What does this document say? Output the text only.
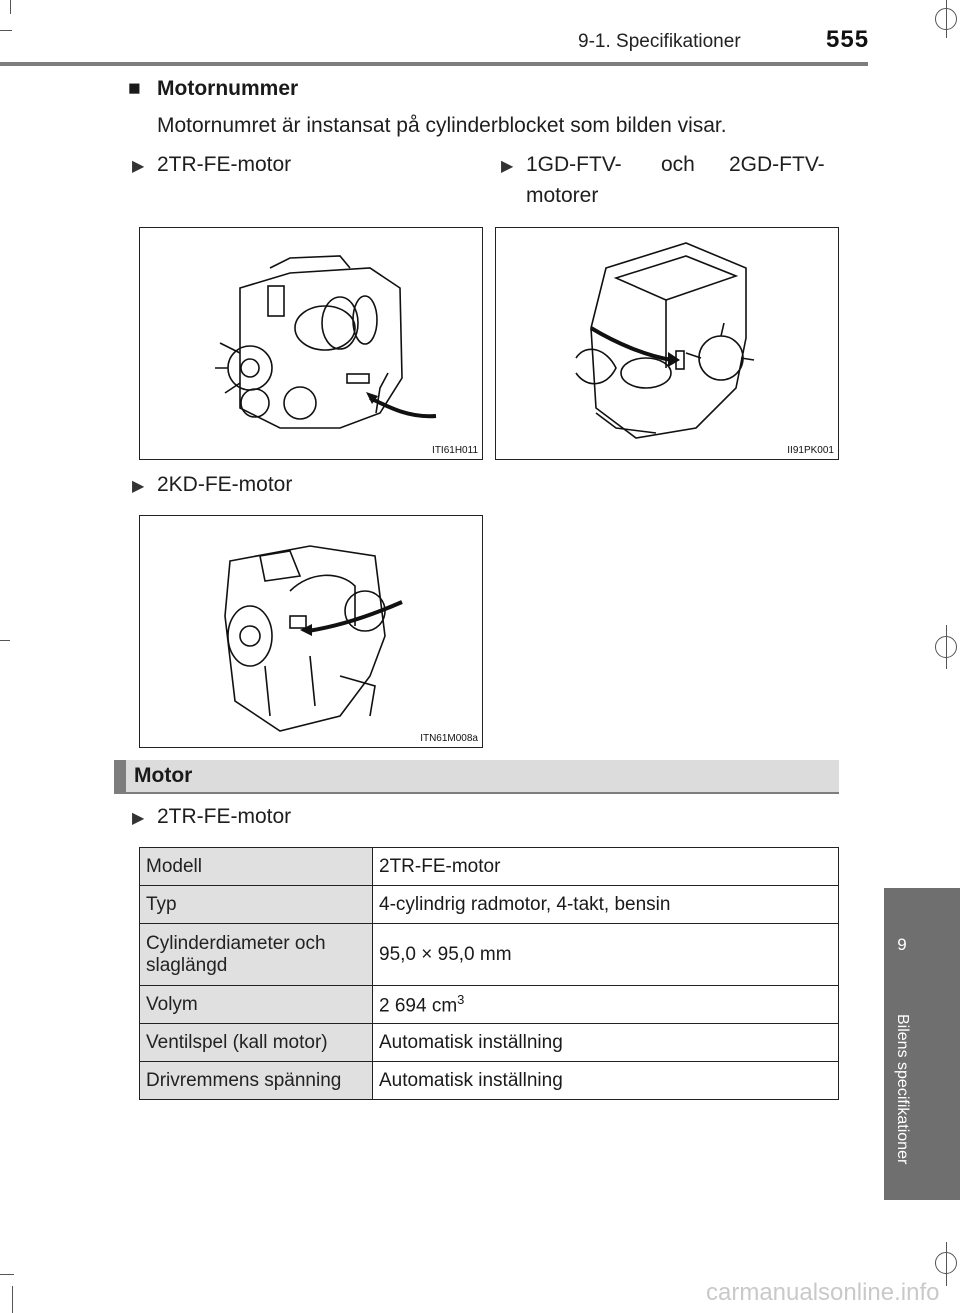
9-1. Specifikationer	555
9
Bilens specifikationer
■ Motornummer
Motornumret är instansat på cylinderblocket som bilden visar.
▶ 2TR-FE-motor	▶ 1GD-FTV- och 2GD-FTV-
motorer
ITI61H011	II91PK001
▶ 2KD-FE-motor
ITN61M008a
Motor
▶ 2TR-FE-motor
Modell	2TR-FE-motor
Typ	4-cylindrig radmotor, 4-takt, bensin
Cylinderdiameter och
slaglängd	95,0 × 95,0 mm
Volym	2 694 $cm^3$
Ventilspel (kall motor)	Automatisk inställning
Drivremmens spänning	Automatisk inställning
carmanualsonline.info
